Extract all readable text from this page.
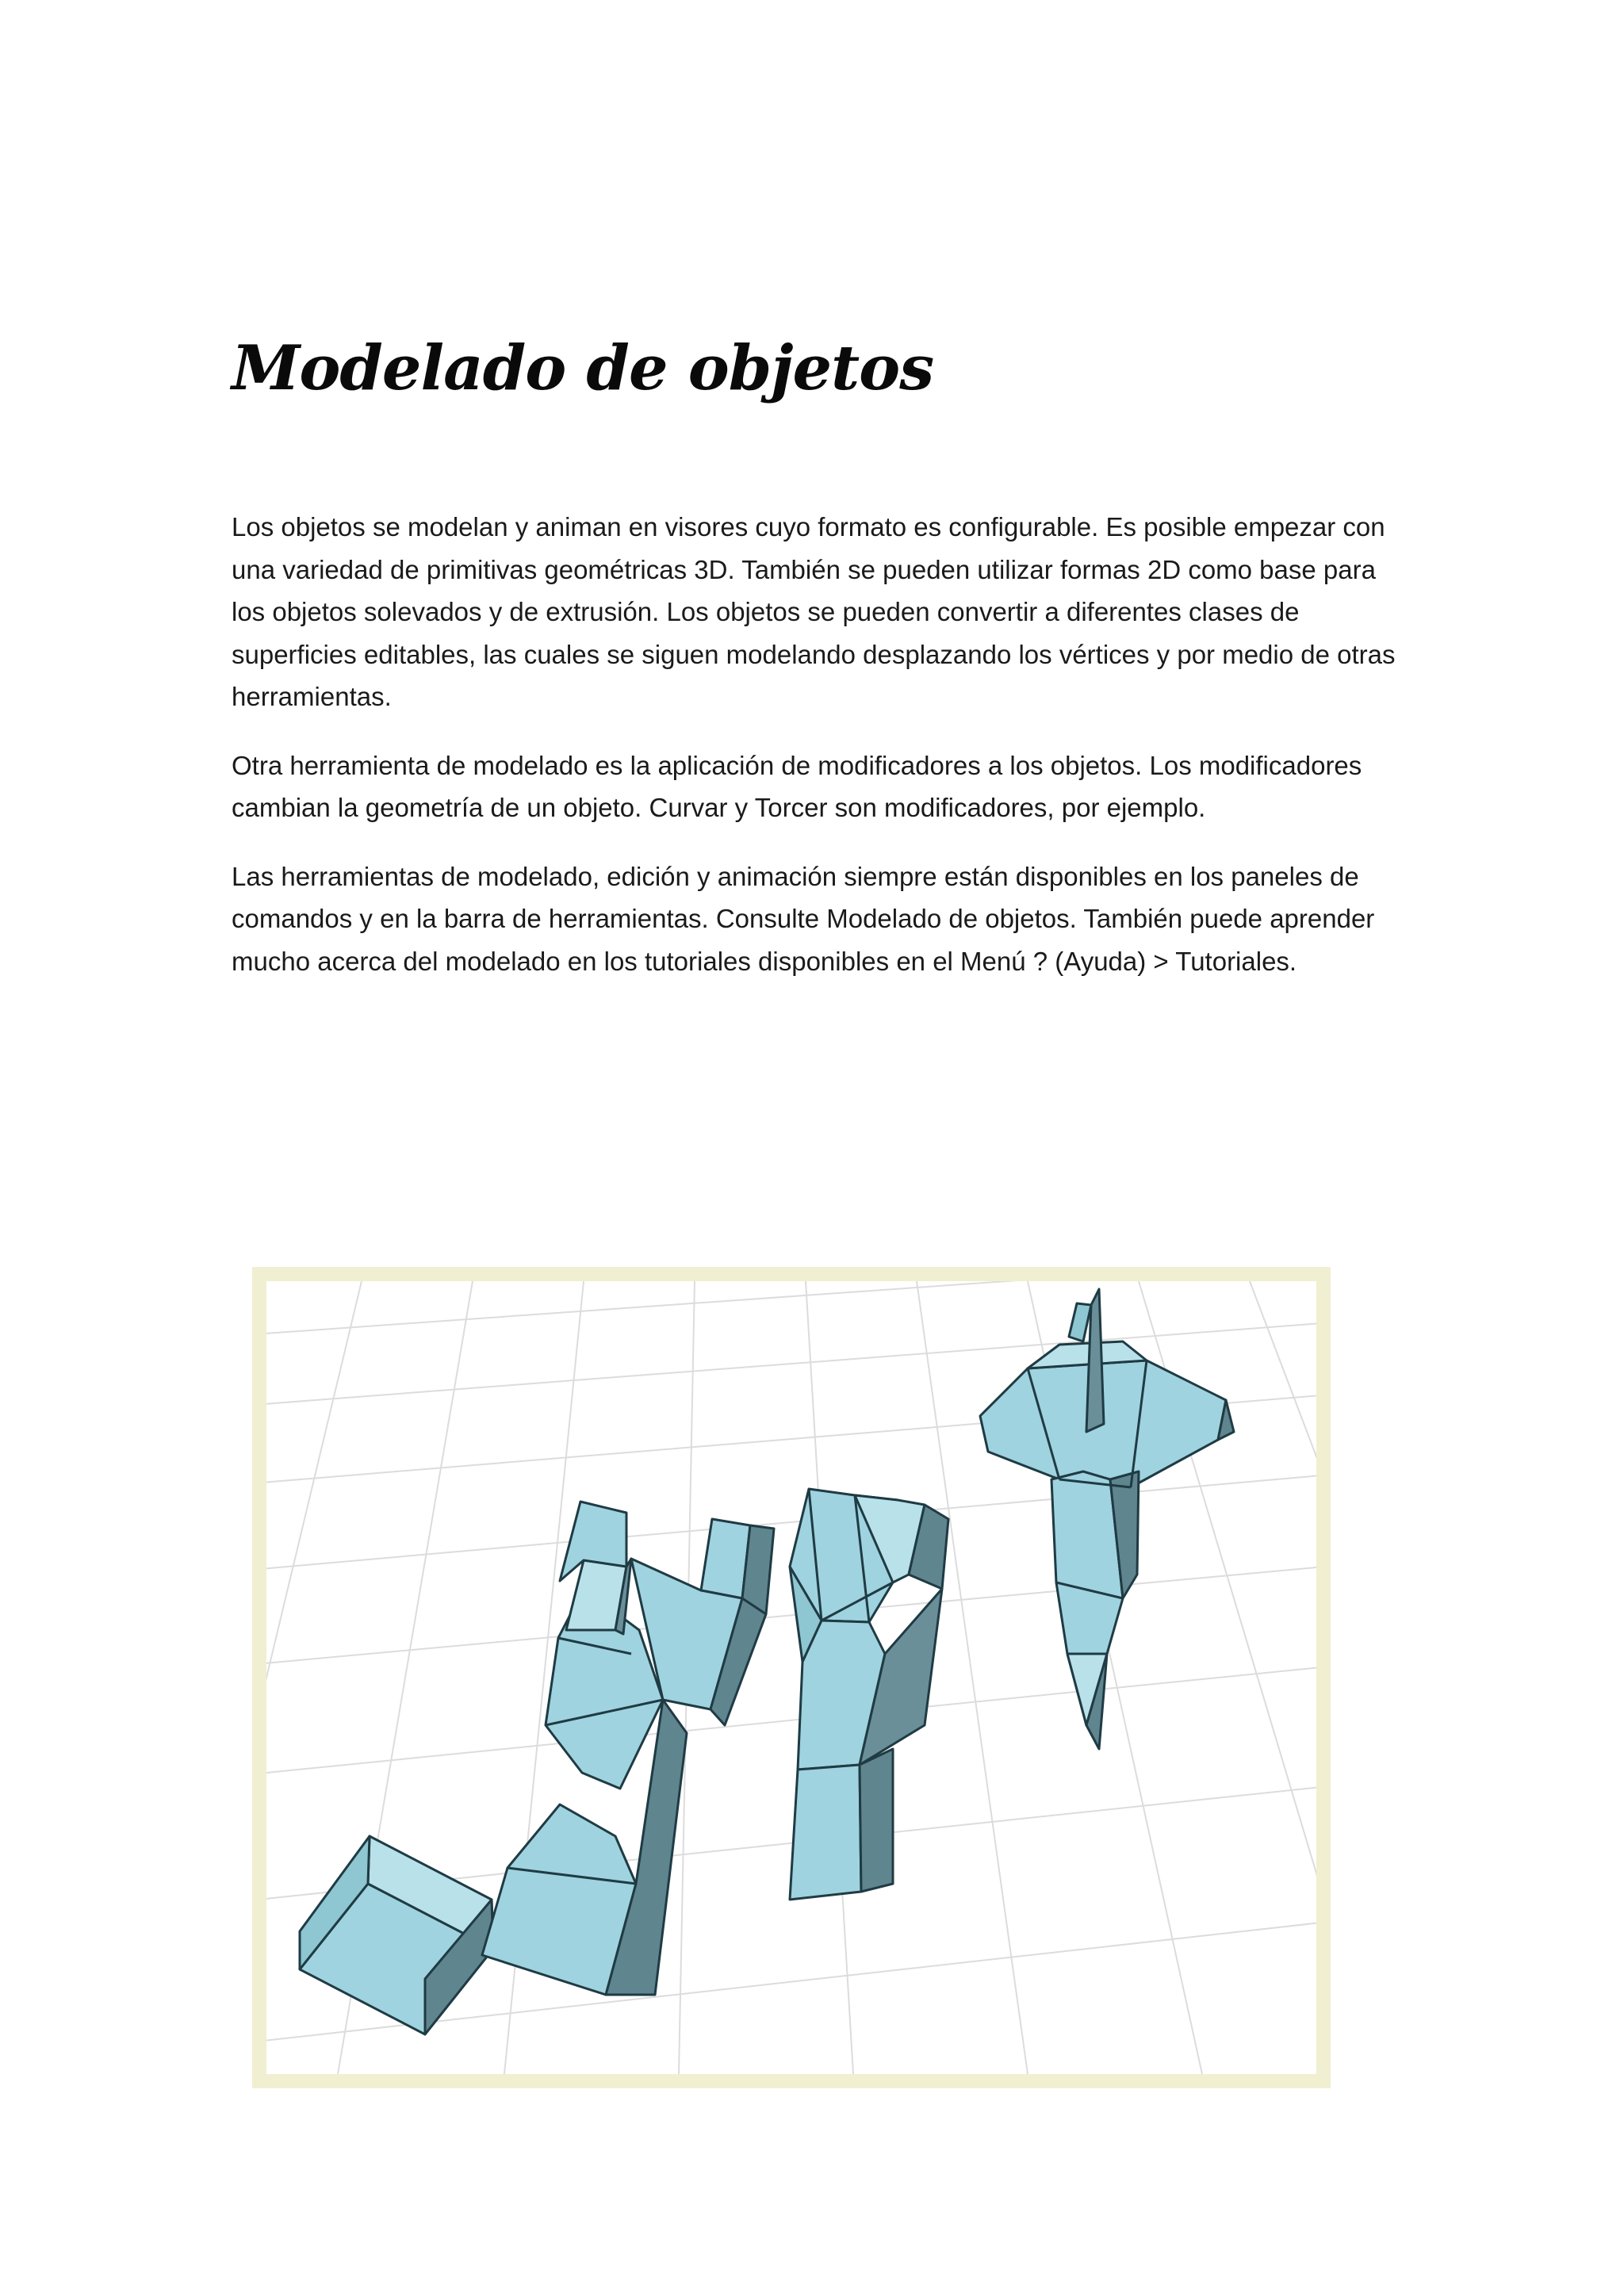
Modelado de objetos

Los objetos se modelan y animan en visores cuyo formato es configurable. Es posible empezar con una variedad de primitivas geométricas 3D. También se pueden utilizar formas 2D como base para los objetos solevados y de extrusión. Los objetos se pueden convertir a diferentes clases de superficies editables, las cuales se siguen modelando desplazando los vértices y por medio de otras herramientas.

Otra herramienta de modelado es la aplicación de modificadores a los objetos. Los modificadores cambian la geometría de un objeto. Curvar y Torcer son modificadores, por ejemplo.

Las herramientas de modelado, edición y animación siempre están disponibles en los paneles de comandos y en la barra de herramientas. Consulte Modelado de objetos. También puede aprender mucho acerca del modelado en los tutoriales disponibles en el Menú ? (Ayuda) > Tutoriales.
